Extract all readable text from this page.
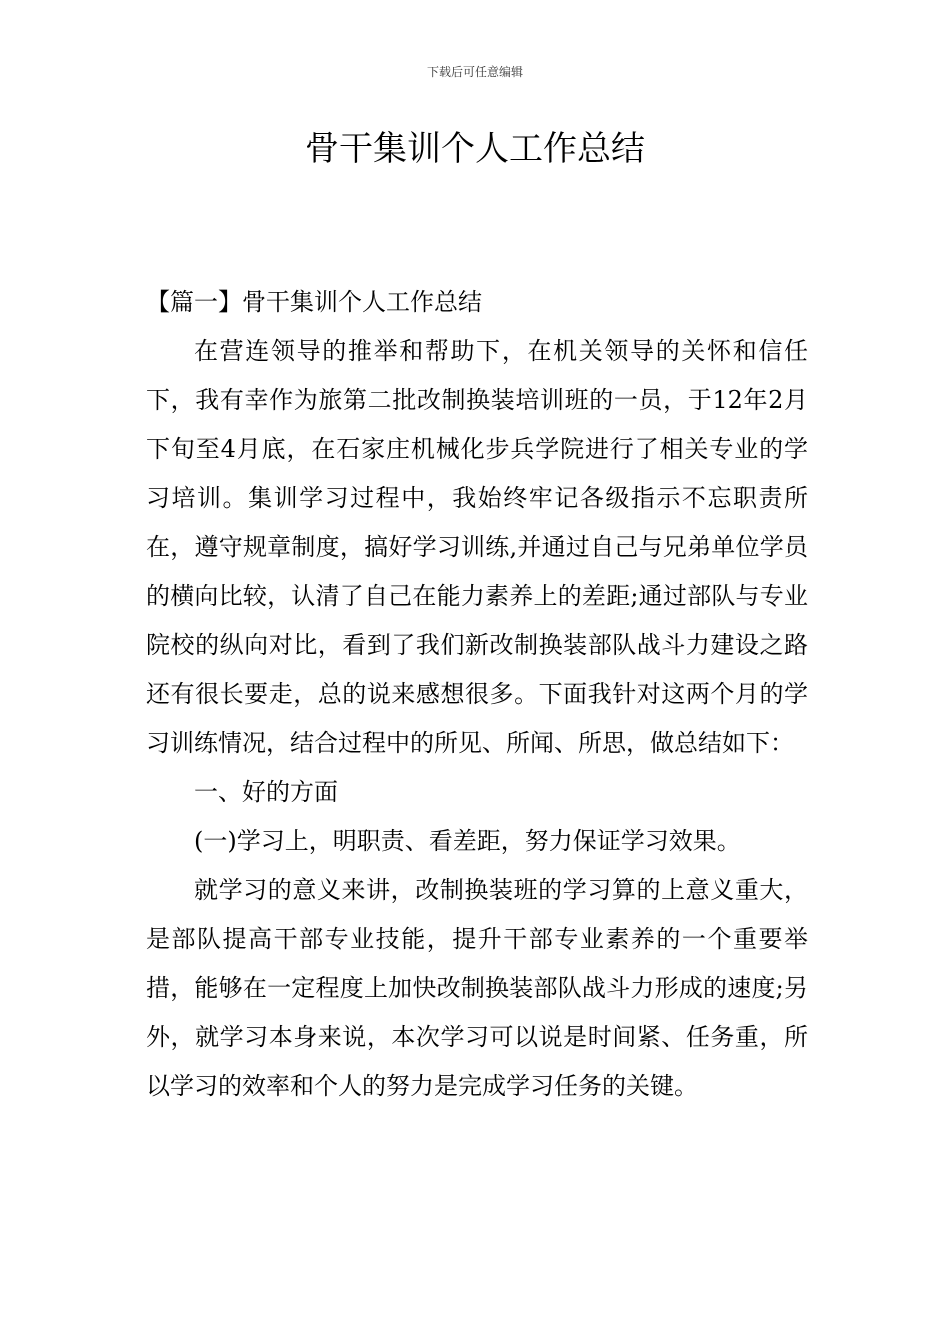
下载后可任意编辑
骨干集训个人工作总结

【篇一】骨干集训个人工作总结

在营连领导的推举和帮助下，在机关领导的关怀和信任下，我有幸作为旅第二批改制换装培训班的一员，于12年2月下旬至4月底，在石家庄机械化步兵学院进行了相关专业的学习培训。集训学习过程中，我始终牢记各级指示不忘职责所在，遵守规章制度，搞好学习训练,并通过自己与兄弟单位学员的横向比较，认清了自己在能力素养上的差距;通过部队与专业院校的纵向对比，看到了我们新改制换装部队战斗力建设之路还有很长要走，总的说来感想很多。下面我针对这两个月的学习训练情况，结合过程中的所见、所闻、所思，做总结如下：

一、好的方面

(一)学习上，明职责、看差距，努力保证学习效果。

就学习的意义来讲，改制换装班的学习算的上意义重大，是部队提高干部专业技能，提升干部专业素养的一个重要举措，能够在一定程度上加快改制换装部队战斗力形成的速度;另外，就学习本身来说，本次学习可以说是时间紧、任务重，所以学习的效率和个人的努力是完成学习任务的关键。
